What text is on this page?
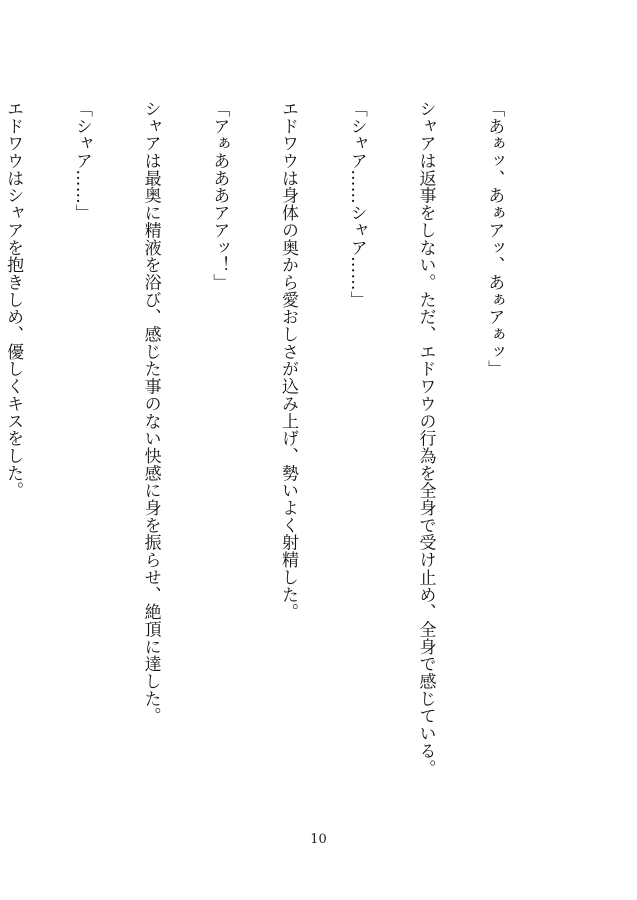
「あぁッ、あぁアッ、あぁアぁッ」

シャアは返事をしない。ただ、エドワウの行為を全身で受け止め、全身で感じている。

「シャア……シャア……」

エドワウは身体の奥から愛おしさが込み上げ、勢いよく射精した。

「アぁあああアアッ！」

シャアは最奥に精液を浴び、感じた事のない快感に身を振らせ、絶頂に達した。

「シャア……」

エドワウはシャアを抱きしめ、優しくキスをした。

10
